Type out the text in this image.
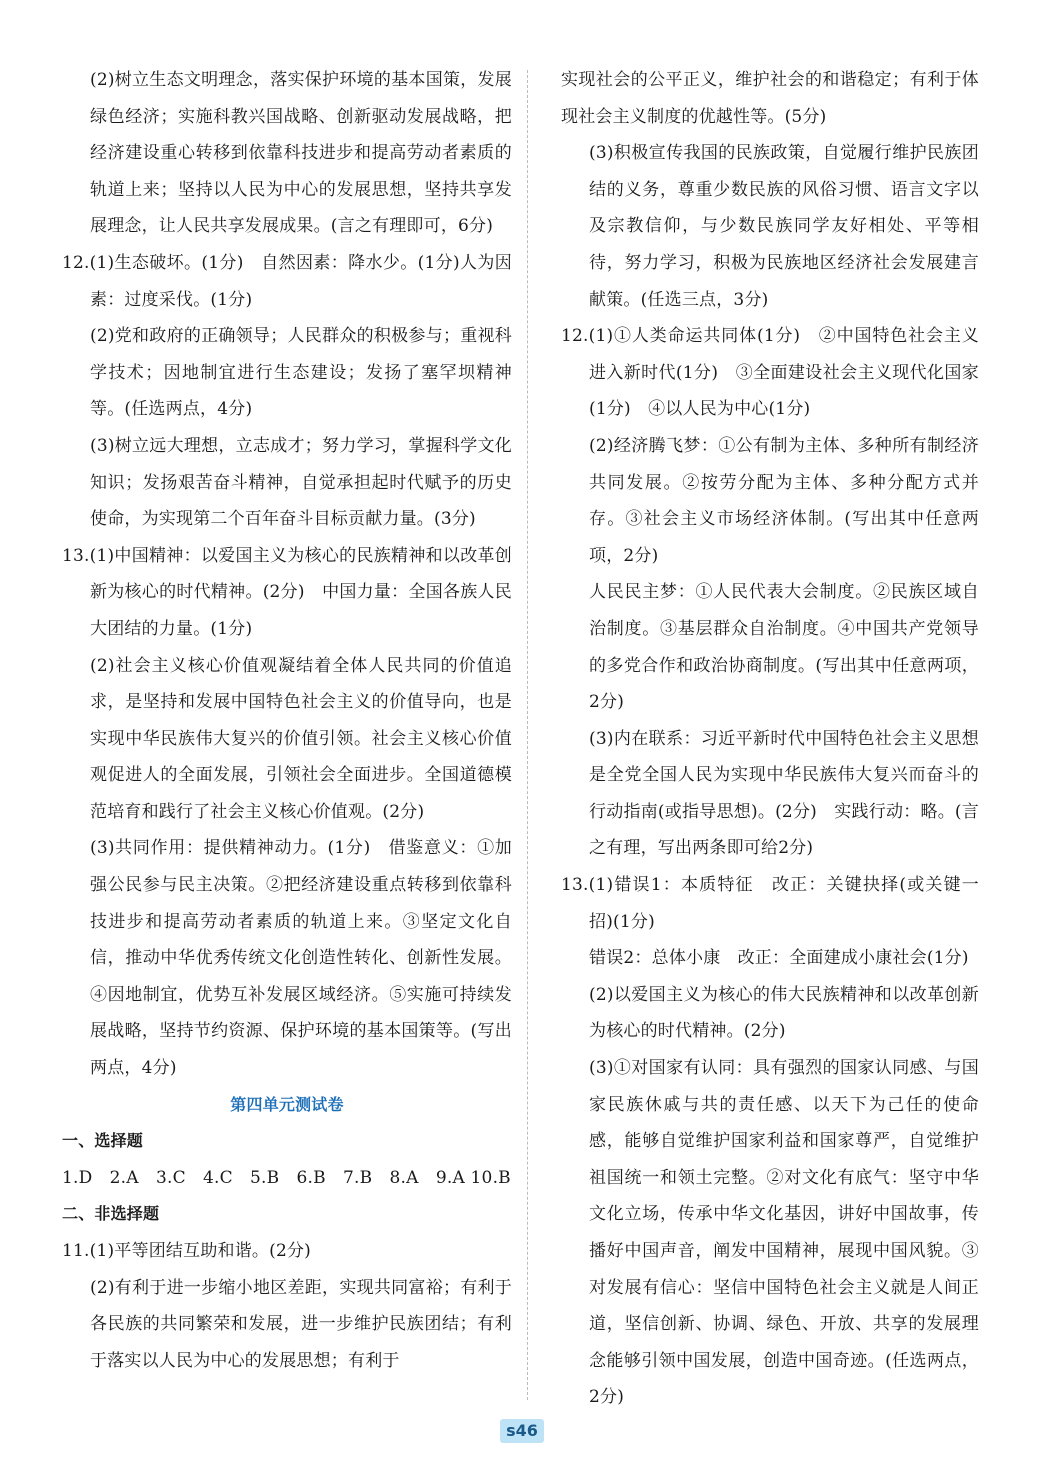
(2)树立生态文明理念，落实保护环境的基本国策，发展绿色经济；实施科教兴国战略、创新驱动发展战略，把经济建设重心转移到依靠科技进步和提高劳动者素质的轨道上来；坚持以人民为中心的发展思想，坚持共享发展理念，让人民共享发展成果。(言之有理即可，6分)

12.(1)生态破坏。(1分)　自然因素：降水少。(1分)人为因素：过度采伐。(1分)

(2)党和政府的正确领导；人民群众的积极参与；重视科学技术；因地制宜进行生态建设；发扬了塞罕坝精神等。(任选两点，4分)

(3)树立远大理想，立志成才；努力学习，掌握科学文化知识；发扬艰苦奋斗精神，自觉承担起时代赋予的历史使命，为实现第二个百年奋斗目标贡献力量。(3分)

13.(1)中国精神：以爱国主义为核心的民族精神和以改革创新为核心的时代精神。(2分)　中国力量：全国各族人民大团结的力量。(1分)

(2)社会主义核心价值观凝结着全体人民共同的价值追求，是坚持和发展中国特色社会主义的价值导向，也是实现中华民族伟大复兴的价值引领。社会主义核心价值观促进人的全面发展，引领社会全面进步。全国道德模范培育和践行了社会主义核心价值观。(2分)

(3)共同作用：提供精神动力。(1分)　借鉴意义：①加强公民参与民主决策。②把经济建设重点转移到依靠科技进步和提高劳动者素质的轨道上来。③坚定文化自信，推动中华优秀传统文化创造性转化、创新性发展。④因地制宜，优势互补发展区域经济。⑤实施可持续发展战略，坚持节约资源、保护环境的基本国策等。(写出两点，4分)

第四单元测试卷

一、选择题

1.D　2.A　3.C　4.C　5.B　6.B　7.B　8.A　9.A 10.B

二、非选择题

11.(1)平等团结互助和谐。(2分)

(2)有利于进一步缩小地区差距，实现共同富裕；有利于各民族的共同繁荣和发展，进一步维护民族团结；有利于落实以人民为中心的发展思想；有利于

实现社会的公平正义，维护社会的和谐稳定；有利于体现社会主义制度的优越性等。(5分)

(3)积极宣传我国的民族政策，自觉履行维护民族团结的义务，尊重少数民族的风俗习惯、语言文字以及宗教信仰，与少数民族同学友好相处、平等相待，努力学习，积极为民族地区经济社会发展建言献策。(任选三点，3分)

12.(1)①人类命运共同体(1分)　②中国特色社会主义进入新时代(1分)　③全面建设社会主义现代化国家(1分)　④以人民为中心(1分)

(2)经济腾飞梦：①公有制为主体、多种所有制经济共同发展。②按劳分配为主体、多种分配方式并存。③社会主义市场经济体制。(写出其中任意两项，2分)

人民民主梦：①人民代表大会制度。②民族区域自治制度。③基层群众自治制度。④中国共产党领导的多党合作和政治协商制度。(写出其中任意两项，2分)

(3)内在联系：习近平新时代中国特色社会主义思想是全党全国人民为实现中华民族伟大复兴而奋斗的行动指南(或指导思想)。(2分)　实践行动：略。(言之有理，写出两条即可给2分)

13.(1)错误1：本质特征　改正：关键抉择(或关键一招)(1分)

错误2：总体小康　改正：全面建成小康社会(1分)

(2)以爱国主义为核心的伟大民族精神和以改革创新为核心的时代精神。(2分)

(3)①对国家有认同：具有强烈的国家认同感、与国家民族休戚与共的责任感、以天下为己任的使命感，能够自觉维护国家利益和国家尊严，自觉维护祖国统一和领土完整。②对文化有底气：坚守中华文化立场，传承中华文化基因，讲好中国故事，传播好中国声音，阐发中国精神，展现中国风貌。③对发展有信心：坚信中国特色社会主义就是人间正道，坚信创新、协调、绿色、开放、共享的发展理念能够引领中国发展，创造中国奇迹。(任选两点，2分)

s46
